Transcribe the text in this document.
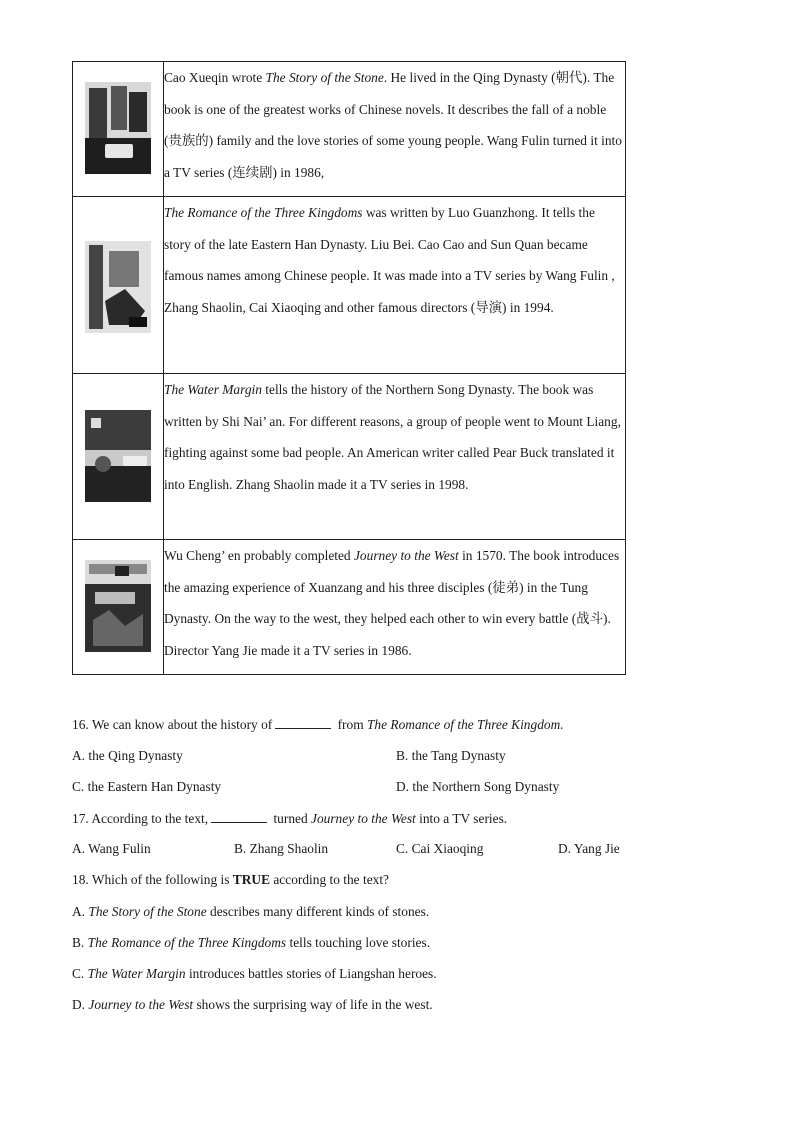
	Cao Xueqin wrote The Story of the Stone. He lived in the Qing Dynasty (朝代). The book is one of the greatest works of Chinese novels. It describes the fall of a noble (贵族的) family and the love stories of some young people. Wang Fulin turned it into a TV series (连续剧) in 1986,

	The Romance of the Three Kingdoms was written by Luo Guanzhong. It tells the story of the late Eastern Han Dynasty. Liu Bei. Cao Cao and Sun Quan became famous names among Chinese people. It was made into a TV series by Wang Fulin , Zhang Shaolin, Cai Xiaoqing and other famous directors (导演) in 1994.

	The Water Margin tells the history of the Northern Song Dynasty. The book was written by Shi Nai’ an. For different reasons, a group of people went to Mount Liang, fighting against some bad people. An American writer called Pear Buck translated it into English. Zhang Shaolin made it a TV series in 1998.

	Wu Cheng’ en probably completed Journey to the West in 1570. The book introduces the amazing experience of Xuanzang and his three disciples (徒弟) in the Tung Dynasty. On the way to the west, they helped each other to win every battle (战斗). Director Yang Jie made it a TV series in 1986.

16. We can know about the history of	from The Romance of the Three Kingdom.

A. the Qing Dynasty	B. the Tang Dynasty

C. the Eastern Han Dynasty	D. the Northern Song Dynasty

17. According to the text,	turned Journey to the West into a TV series.

A. Wang Fulin	B. Zhang Shaolin	C. Cai Xiaoqing	D. Yang Jie

18. Which of the following is TRUE according to the text?

A. The Story of the Stone describes many different kinds of stones.

B. The Romance of the Three Kingdoms tells touching love stories.

C. The Water Margin introduces battles stories of Liangshan heroes.

D. Journey to the West shows the surprising way of life in the west.
